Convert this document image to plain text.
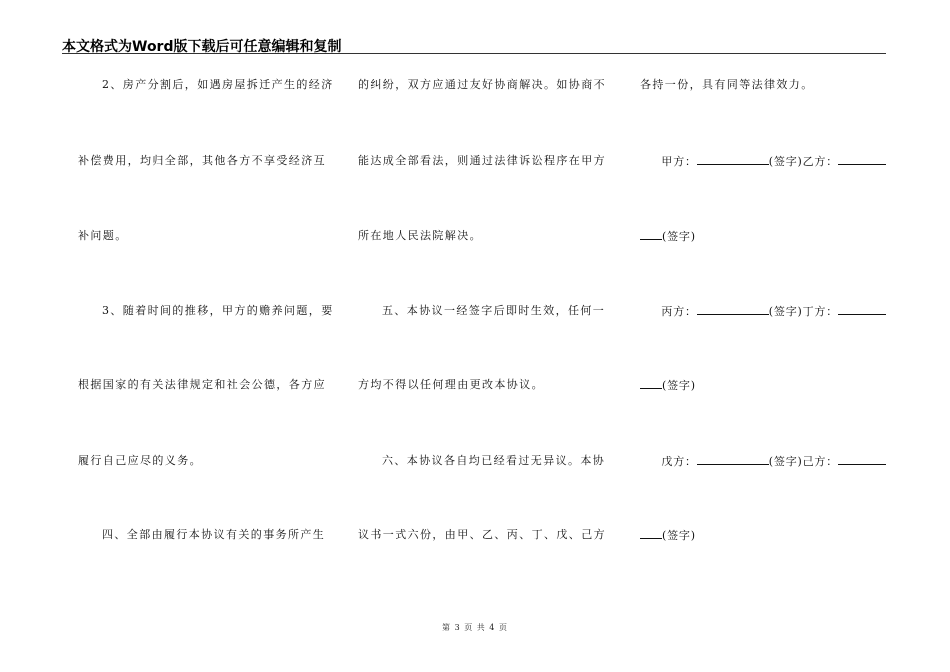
本文格式为Word版下载后可任意编辑和复制
2、房产分割后，如遇房屋拆迁产生的经济
补偿费用，均归全部，其他各方不享受经济互
补问题。
3、随着时间的推移，甲方的赡养问题，要
根据国家的有关法律规定和社会公德，各方应
履行自己应尽的义务。
四、全部由履行本协议有关的事务所产生
的纠纷，双方应通过友好协商解决。如协商不
能达成全部看法，则通过法律诉讼程序在甲方
所在地人民法院解决。
五、本协议一经签字后即时生效，任何一
方均不得以任何理由更改本协议。
六、本协议各自均已经看过无异议。本协
议书一式六份，由甲、乙、丙、丁、戊、己方
各持一份，具有同等法律效力。
甲方：	(签字)乙方：
(签字)
丙方：	(签字)丁方：
(签字)
戊方：	(签字)己方：
(签字)
第 3 页 共 4 页
